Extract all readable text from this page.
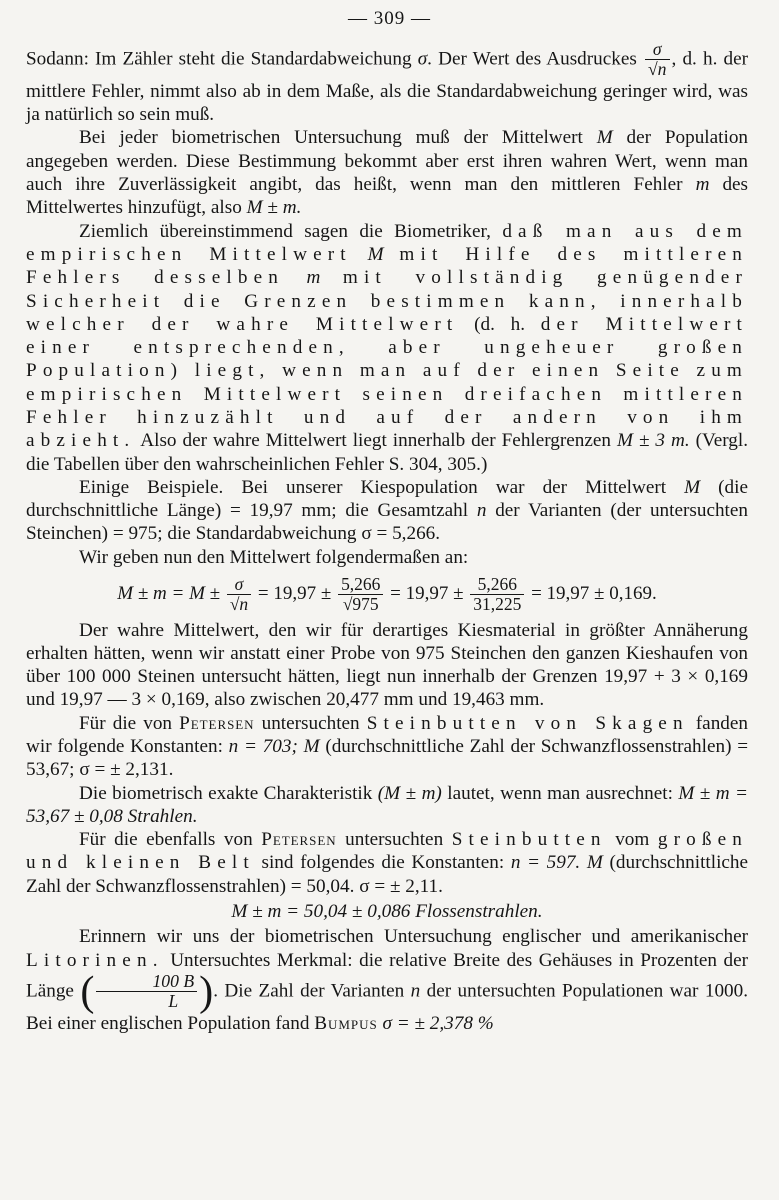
— 309 —

Sodann: Im Zähler steht die Standardabweichung σ. Der Wert des Ausdruckes $\frac{\sigma}{√n}$ , d. h. der mittlere Fehler, nimmt also ab in dem Maße, als die Standardabweichung geringer wird, was ja natürlich so sein muß.

Bei jeder biometrischen Untersuchung muß der Mittelwert M der Population angegeben werden. Diese Bestimmung bekommt aber erst ihren wahren Wert, wenn man auch ihre Zuverlässigkeit angibt, das heißt, wenn man den mittleren Fehler m des Mittelwertes hinzufügt, also M ± m.

Ziemlich übereinstimmend sagen die Biometriker, daß man aus dem empirischen Mittelwert M mit Hilfe des mittleren Fehlers desselben m mit vollständig genügender Sicherheit die Grenzen bestimmen kann, innerhalb welcher der wahre Mittelwert (d. h. der Mittelwert einer entsprechenden, aber ungeheuer großen Population) liegt, wenn man auf der einen Seite zum empirischen Mittelwert seinen dreifachen mittleren Fehler hinzuzählt und auf der andern von ihm abzieht. Also der wahre Mittelwert liegt innerhalb der Fehlergrenzen M ± 3 m. (Vergl. die Tabellen über den wahrscheinlichen Fehler S. 304, 305.)

Einige Beispiele. Bei unserer Kiespopulation war der Mittelwert M (die durchschnittliche Länge) = 19,97 mm; die Gesamtzahl n der Varianten (der untersuchten Steinchen) = 975; die Standardabweichung σ = 5,266.

Wir geben nun den Mittelwert folgendermaßen an:

$M \pm m = M \pm \frac{\sigma}{√n} = 19,97 \pm \frac{5,266}{√975} = 19,97 \pm \frac{5,266}{31,225} = 19,97 \pm 0,169$.

Der wahre Mittelwert, den wir für derartiges Kiesmaterial in größter Annäherung erhalten hätten, wenn wir anstatt einer Probe von 975 Steinchen den ganzen Kieshaufen von über 100 000 Steinen untersucht hätten, liegt nun innerhalb der Grenzen 19,97 + 3 × 0,169 und 19,97 — 3 × 0,169, also zwischen 20,477 mm und 19,463 mm.

Für die von Petersen untersuchten Steinbutten von Skagen fanden wir folgende Konstanten: n = 703; M (durchschnittliche Zahl der Schwanzflossenstrahlen) = 53,67; σ = ± 2,131.

Die biometrisch exakte Charakteristik (M ± m) lautet, wenn man ausrechnet: M ± m = 53,67 ± 0,08 Strahlen.

Für die ebenfalls von Petersen untersuchten Steinbutten vom großen und kleinen Belt sind folgendes die Konstanten: n = 597. M (durchschnittliche Zahl der Schwanzflossenstrahlen) = 50,04. σ = ± 2,11.

M ± m = 50,04 ± 0,086 Flossenstrahlen.

Erinnern wir uns der biometrischen Untersuchung englischer und amerikanischer Litorinen. Untersuchtes Merkmal: die relative Breite des Gehäuses in Prozenten der Länge ( $\frac{100 B}{L}$ ). Die Zahl der Varianten n der untersuchten Populationen war 1000. Bei einer englischen Population fand Bumpus σ = ± 2,378 %
